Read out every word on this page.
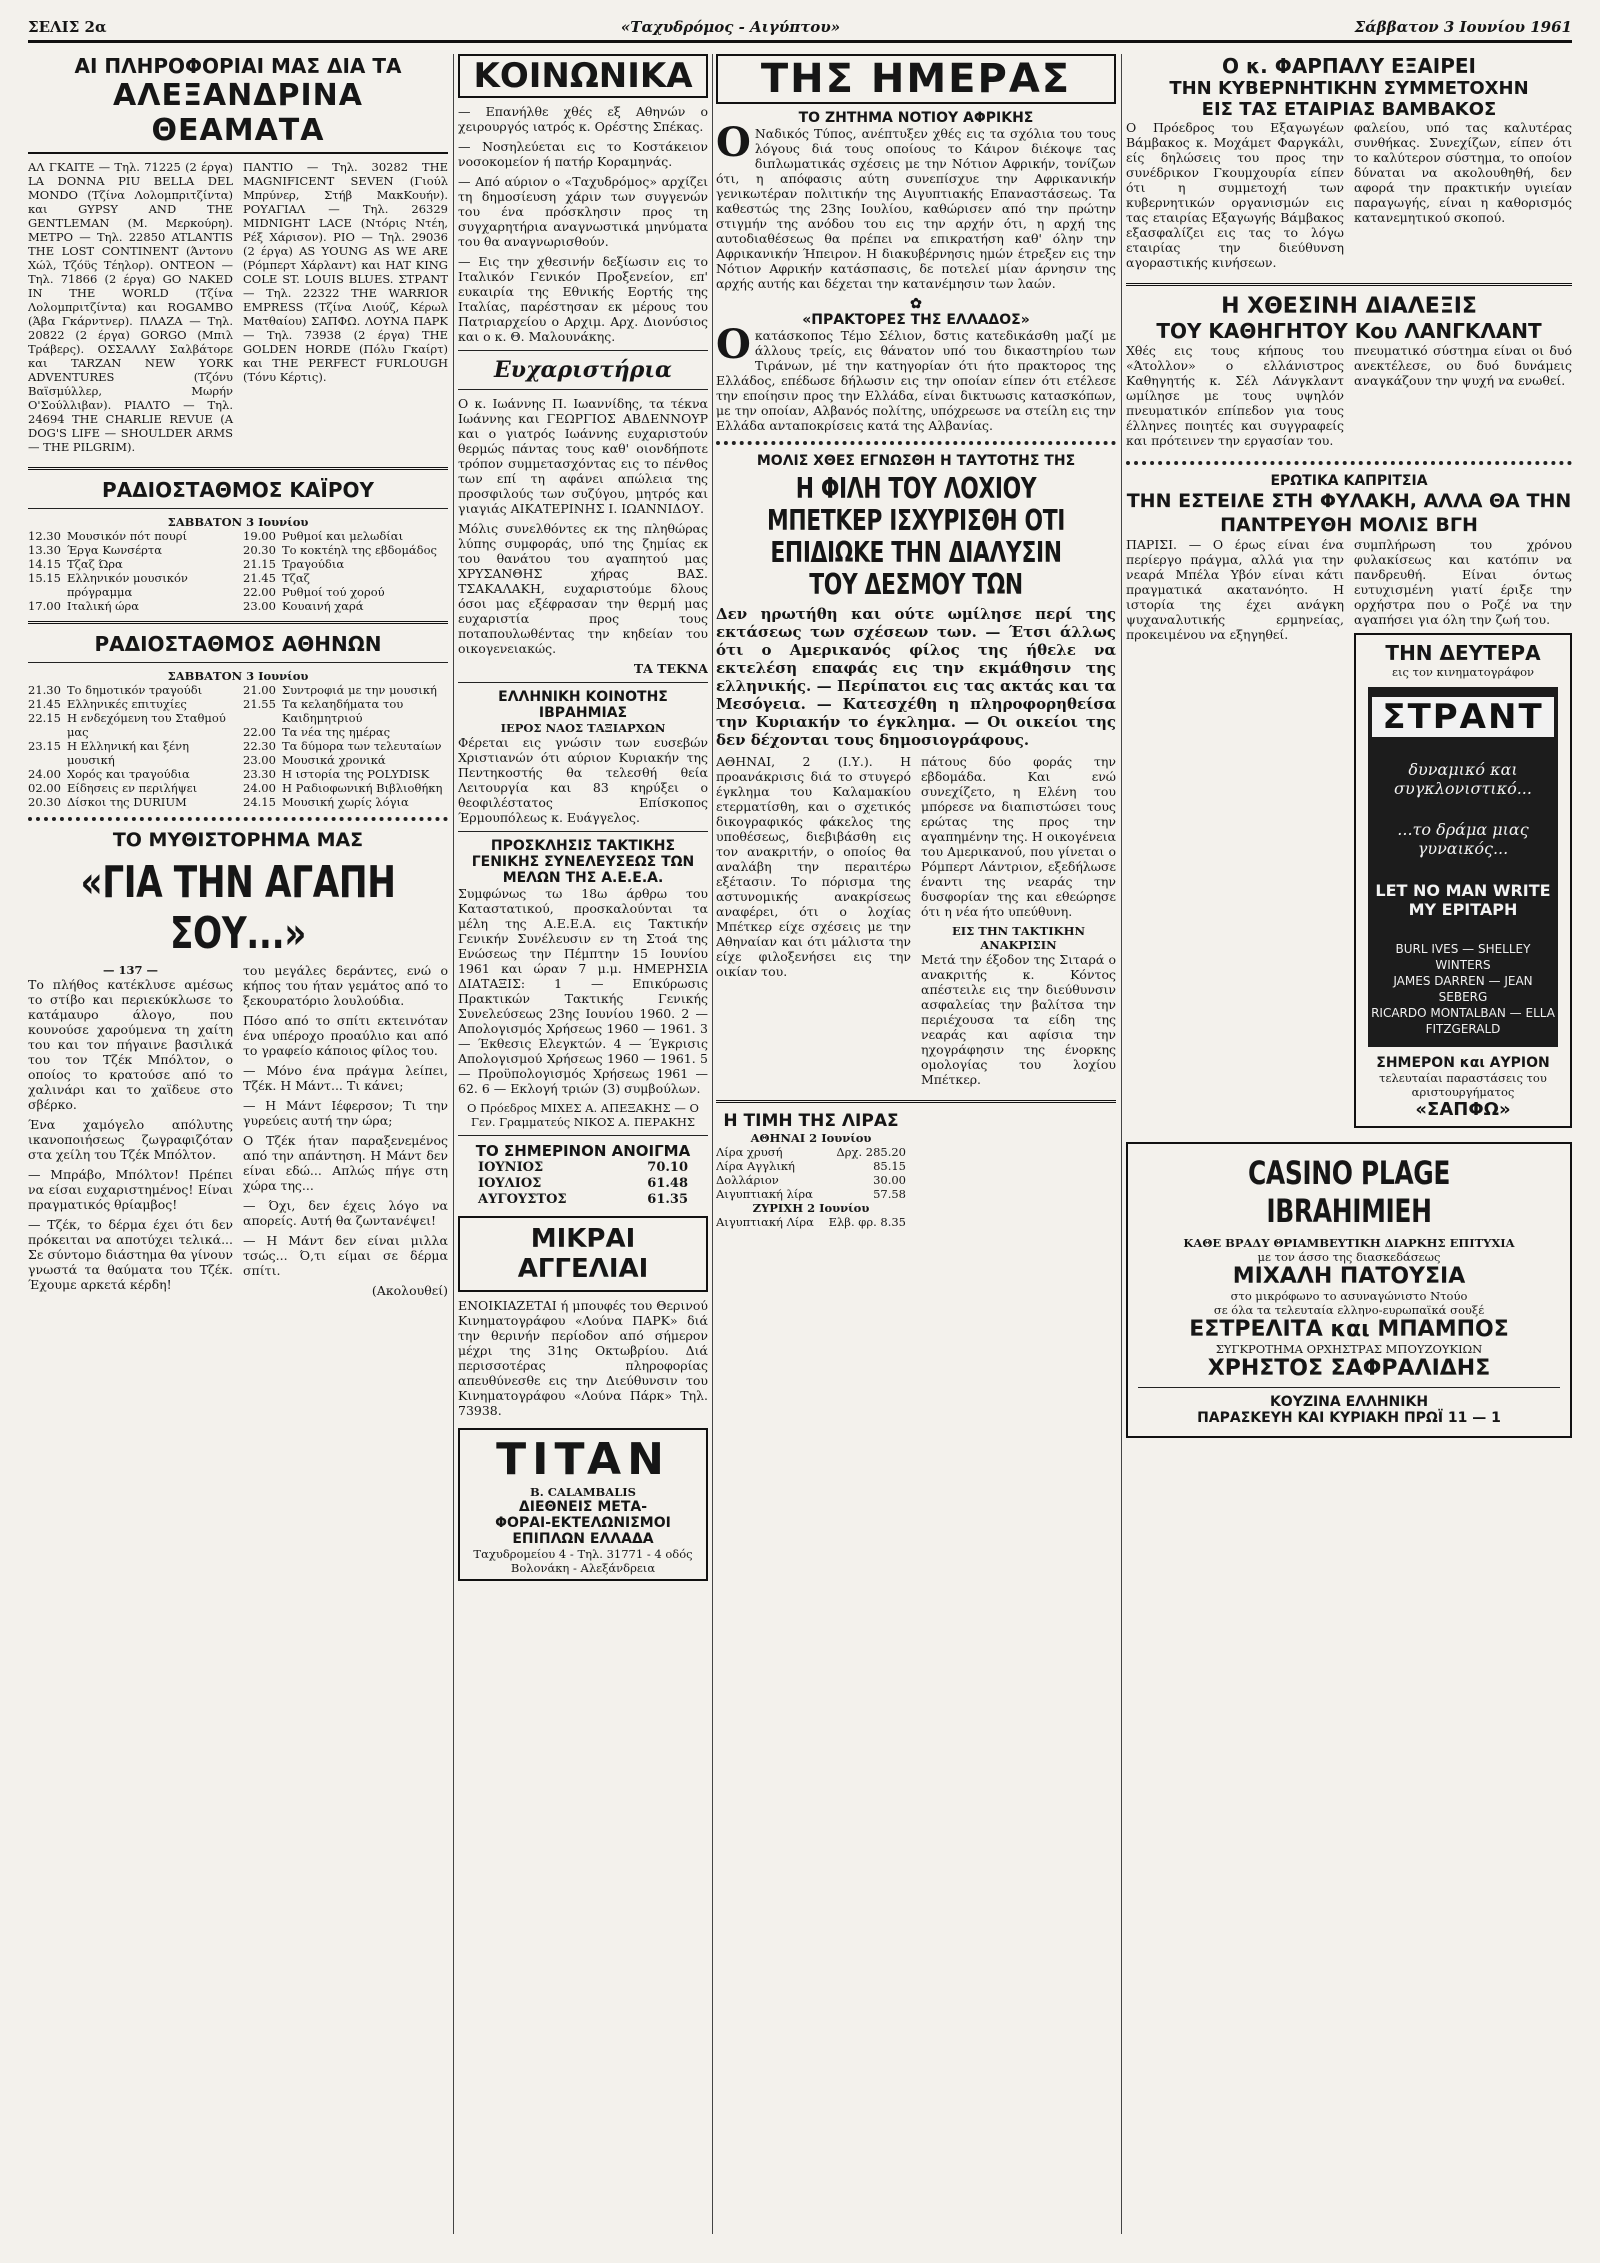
ΣΕΛΙΣ 2α	«Ταχυδρόμος - Αιγύπτου»	Σάββατον 3 Ιουνίου 1961
ΑΙ ΠΛΗΡΟΦΟΡΙΑΙ ΜΑΣ ΔΙΑ ΤΑ
ΑΛΕΞΑΝΔΡΙΝΑ ΘΕΑΜΑΤΑ

ΑΛ ΓΚΑΙΤΕ — Τηλ. 71225 (2 έργα) LA DONNA PIU BELLA DEL MONDO (Τζίνα Λολομπριτζίντα) και GYPSY AND THE GENTLEMAN (Μ. Μερκούρη). ΜΕΤΡΟ — Τηλ. 22850 ATLANTIS THE LOST CONTINENT (Άντονυ Χώλ, Τζόϋς Τέηλορ). ΟΝΤΕΟΝ — Τηλ. 71866 (2 έργα) GO NAKED IN THE WORLD (Τζίνα Λολομπριτζίντα) και ROGAMBO (Άβα Γκάρντνερ). ΠΛΑΖΑ — Τηλ. 20822 (2 έργα) GORGO (Μπιλ Τράβερς). ΟΣΣΑΛΛΥ Σαλβάτορε και TARZAN NEW YORK ADVENTURES (Τζόνυ Βαϊσμύλλερ, Μωρήν Ο'Σούλλιβαν). ΡΙΑΛΤΟ — Τηλ. 24694 THE CHARLIE REVUE (A DOG'S LIFE — SHOULDER ARMS — THE PILGRIM).

ΠΑΝΤΙΟ — Τηλ. 30282 THE MAGNIFICENT SEVEN (Γιούλ Μπρύνερ, Στήβ ΜακΚουήν). ΡΟΥΑΓΙΑΛ — Τηλ. 26329 MIDNIGHT LACE (Ντόρις Ντέη, Ρέξ Χάρισον). ΡΙΟ — Τηλ. 29036 (2 έργα) AS YOUNG AS WE ARE (Ρόμπερτ Χάρλαντ) και HAT KING COLE ST. LOUIS BLUES. ΣΤΡΑΝΤ — Τηλ. 22322 THE WARRIOR EMPRESS (Τζίνα Λιούζ, Κέρωλ Ματθαίου) ΣΑΠΦΩ. ΛΟΥΝΑ ΠΑΡΚ — Τηλ. 73938 (2 έργα) THE GOLDEN HORDE (Πόλυ Γκαίρτ) και THE PERFECT FURLOUGH (Τόνυ Κέρτις).

ΡΑΔΙΟΣΤΑΘΜΟΣ ΚΑΪΡΟΥ
ΣΑΒΒΑΤΟΝ 3 Ιουνίου
12.30 Μουσικόν πότ πουρί
13.30 Έργα Κωνσέρτα
14.15 Τζαζ Ώρα
15.15 Ελληνικόν μουσικόν πρόγραμμα
17.00 Ιταλική ώρα
19.00 Ρυθμοί και μελωδίαι
20.30 Το κοκτέηλ της εβδομάδος
21.15 Τραγούδια
21.45 Τζαζ
22.00 Ρυθμοί τού χορού
23.00 Κουαινή χαρά
ΡΑΔΙΟΣΤΑΘΜΟΣ ΑΘΗΝΩΝ
ΣΑΒΒΑΤΟΝ 3 Ιουνίου
21.30 Το δημοτικόν τραγούδι
21.45 Ελληνικές επιτυχίες
22.15 Η ενδεχόμενη του Σταθμού μας
23.15 Η Ελληνική και ξένη μουσική
24.00 Χορός και τραγούδια
02.00 Είδησεις εν περιλήψει
20.30 Δίσκοι της DURIUM
21.00 Συντροφιά με την μουσική
21.55 Τα κελαηδήματα του Καιδημητριού
22.00 Τα νέα της ημέρας
22.30 Τα δύμορα των τελευταίων
23.00 Μουσικά χρονικά
23.30 Η ιστορία της POLYDISK
24.00 Η Ραδιοφωνική Βιβλιοθήκη
24.15 Μουσική χωρίς λόγια
ΤΟ ΜΥΘΙΣΤΟΡΗΜΑ ΜΑΣ
«ΓΙΑ ΤΗΝ ΑΓΑΠΗ ΣΟΥ...»
— 137 —

Το πλήθος κατέκλυσε αμέσως το στίβο και περιεκύκλωσε το κατάμαυρο άλογο, που κουνούσε χαρούμενα τη χαίτη του και τον πήγαινε βασιλικά του τον Τζέκ Μπόλτον, ο οποίος το κρατούσε από το χαλινάρι και το χαϊδευε στο σβέρκο.

Ένα χαμόγελο απόλυτης ικανοποιήσεως ζωγραφιζόταν στα χείλη του Τζέκ Μπόλτον.

— Μπράβο, Μπόλτον! Πρέπει να είσαι ευχαριστημένος! Είναι πραγματικός θρίαμβος!

— Τζέκ, το δέρμα έχει ότι δεν πρόκειται να αποτύχει τελικά... Σε σύντομο διάστημα θα γίνουν γνωστά τα θαύματα του Τζέκ. Έχουμε αρκετά κέρδη!

του μεγάλες δεράντες, ενώ ο κήπος του ήταν γεμάτος από το ξεκουρατόριο λουλούδια.

Πόσο από το σπίτι εκτεινόταν ένα υπέροχο προαύλιο και από το γραφείο κάποιος φίλος του.

— Μόνο ένα πράγμα λείπει, Τζέκ. Η Μάντ... Τι κάνει;

— Η Μάντ Ιέφερσον; Τι την γυρεύεις αυτή την ώρα;

Ο Τζέκ ήταν παραξενεμένος από την απάντηση. Η Μάντ δεν είναι εδώ... Απλώς πήγε στη χώρα της...

— Όχι, δεν έχεις λόγο να απορείς. Αυτή θα ζωντανέψει!

— Η Μάντ δεν είναι μιλλα τσώς... Ό,τι είμαι σε δέρμα σπίτι.

(Ακολουθεί)

ΚΟΙΝΩΝΙΚΑ

— Επανήλθε χθές εξ Αθηνών ο χειρουργός ιατρός κ. Ορέστης Σπέκας.

— Νοσηλεύεται εις το Κοστάκειον νοσοκομείον ή πατήρ Κοραμηνάς.

— Από αύριον ο «Ταχυδρόμος» αρχίζει τη δημοσίευση χάριν των συγγενών του ένα πρόσκλησιν προς τη συγχαρητήρια αναγνωστικά μηνύματα του θα αναγνωρισθούν.

— Εις την χθεσινήν δεξίωσιν εις το Ιταλικόν Γενικόν Προξενείον, επ' ευκαιρία της Εθνικής Εορτής της Ιταλίας, παρέστησαν εκ μέρους του Πατριαρχείου ο Αρχιμ. Αρχ. Διονύσιος και ο κ. Θ. Μαλουνάκης.

Ευχαριστήρια

Ο κ. Ιωάννης Π. Ιωαννίδης, τα τέκνα Ιωάννης και ΓΕΩΡΓΙΟΣ ΑΒΔΕΝΝΟΥΡ και ο γιατρός Ιωάννης ευχαριστούν θερμώς πάντας τους καθ' οιονδήποτε τρόπον συμμετασχόντας εις το πένθος των επί τη αφάνει απώλεια της προσφιλούς των συζύγου, μητρός και γιαγιάς ΑΙΚΑΤΕΡΙΝΗΣ Ι. ΙΩΑΝΝΙΔΟΥ.

Μόλις συνελθόντες εκ της πληθώρας λύπης συμφοράς, υπό της ζημίας εκ του θανάτου του αγαπητού μας ΧΡΥΣΑΝΘΗΣ χήρας ΒΑΣ. ΤΣΑΚΑΛΑΚΗ, ευχαριστούμε δλους όσοι μας εξέφρασαν την θερμή μας ευχαριστία προς τους ποταπουλωθέντας την κηδείαν του οικογενειακώς.

ΤΑ ΤΕΚΝΑ

ΕΛΛΗΝΙΚΗ ΚΟΙΝΟΤΗΣ ΙΒΡΑΗΜΙΑΣ
ΙΕΡΟΣ ΝΑΟΣ ΤΑΞΙΑΡΧΩΝ

Φέρεται εις γνώσιν των ευσεβών Χριστιανών ότι αύριον Κυριακήν της Πεντηκοστής θα τελεσθή θεία Λειτουργία και 83 κηρύξει ο θεοφιλέστατος Επίσκοπος Έρμουπόλεως κ. Ευάγγελος.

ΠΡΟΣΚΛΗΣΙΣ ΤΑΚΤΙΚΗΣ ΓΕΝΙΚΗΣ ΣΥΝΕΛΕΥΣΕΩΣ ΤΩΝ ΜΕΛΩΝ ΤΗΣ Α.Ε.Ε.Α.

Συμφώνως τω 18ω άρθρω του Καταστατικού, προσκαλούνται τα μέλη της Α.Ε.Ε.Α. εις Τακτικήν Γενικήν Συνέλευσιν εν τη Στοά της Ενώσεως την Πέμπτην 15 Ιουνίου 1961 και ώραν 7 μ.μ. ΗΜΕΡΗΣΙΑ ΔΙΑΤΑΞΙΣ: 1 — Επικύρωσις Πρακτικών Τακτικής Γενικής Συνελεύσεως 23ης Ιουνίου 1960. 2 — Απολογισμός Χρήσεως 1960 — 1961. 3 — Έκθεσις Ελεγκτών. 4 — Έγκρισις Απολογισμού Χρήσεως 1960 — 1961. 5 — Προϋπολογισμός Χρήσεως 1961 — 62. 6 — Εκλογή τριών (3) συμβούλων.

Ο Πρόεδρος ΜΙΧΕΣ Α. ΑΠΕΞΑΚΗΣ — Ο Γεν. Γραμματεύς ΝΙΚΟΣ Α. ΠΕΡΑΚΗΣ

ΤΟ ΣΗΜΕΡΙΝΟΝ ΑΝΟΙΓΜΑ
ΙΟΥΝΙΟΣ	70.10
ΙΟΥΛΙΟΣ	61.48
ΑΥΓΟΥΣΤΟΣ	61.35
ΜΙΚΡΑΙ ΑΓΓΕΛΙΑΙ

ΕΝΟΙΚΙΑΖΕΤΑΙ ή μπουφές του Θερινού Κινηματογράφου «Λούνα ΠΑΡΚ» διά την θερινήν περίοδον από σήμερον μέχρι της 31ης Οκτωβρίου. Διά περισσοτέρας πληροφορίας απευθύνεσθε εις την Διεύθυνσιν του Κινηματογράφου «Λούνα Πάρκ» Τηλ. 73938.

TITAN
B. CALAMBALIS
ΔΙΕΘΝΕΙΣ ΜΕΤΑ-
ΦΟΡΑΙ-ΕΚΤΕΛΩΝΙΣΜΟΙ
ΕΠΙΠΛΩΝ ΕΛΛΑΔΑ
Ταχυδρομείου 4 - Τηλ. 31771 - 4 οδός Βολονάκη - Αλεξάνδρεια
ΤΗΣ ΗΜΕΡΑΣ
ΤΟ ΖΗΤΗΜΑ ΝΟΤΙΟΥ ΑΦΡΙΚΗΣ

ΟΝαδικός Τύπος, ανέπτυξεν χθές εις τα σχόλια του τους λόγους διά τους οποίους το Κάιρον διέκοψε τας διπλωματικάς σχέσεις με την Νότιον Αφρικήν, τονίζων ότι, η απόφασις αύτη συνεπίσχυε την Αφρικανικήν γενικωτέραν πολιτικήν της Αιγυπτιακής Επαναστάσεως. Τα καθεστώς της 23ης Ιουλίου, καθώρισεν από την πρώτην στιγμήν της ανόδου του εις την αρχήν ότι, η αρχή της αυτοδιαθέσεως θα πρέπει να επικρατήση καθ' όλην την Αφρικανικήν Ήπειρον. Η διακυβέρνησις ημών έτρεξεν εις την Νότιον Αφρικήν κατάσπασις, δε ποτελεί μίαν άρνησιν της αρχής αυτής και δέχεται την κατανέμησιν των λαών.

✿
«ΠΡΑΚΤΟΡΕΣ ΤΗΣ ΕΛΛΑΔΟΣ»

Οκατάσκοπος Τέμο Σέλιον, δστις κατεδικάσθη μαζί με άλλους τρείς, εις θάνατον υπό του δικαστηρίου των Τιράνων, μέ την κατηγορίαν ότι ήτο πρακτορος της Ελλάδος, επέδωσε δήλωσιν εις την οποίαν είπεν ότι ετέλεσε την εποίησιν προς την Ελλάδα, είναι δικτυωσις κατασκόπων, με την οποίαν, Αλβανός πολίτης, υπόχρεωσε να στείλη εις την Ελλάδα ανταποκρίσεις κατά της Αλβανίας.

ΜΟΛΙΣ ΧΘΕΣ ΕΓΝΩΣΘΗ Η ΤΑΥΤΟΤΗΣ ΤΗΣ
Η ΦΙΛΗ ΤΟΥ ΛΟΧΙΟΥ ΜΠΕΤΚΕΡ ΙΣΧΥΡΙΣΘΗ ΟΤΙ ΕΠΙΔΙΩΚΕ ΤΗΝ ΔΙΑΛΥΣΙΝ ΤΟΥ ΔΕΣΜΟΥ ΤΩΝ

Δεν ηρωτήθη και ούτε ωμίλησε περί της εκτάσεως των σχέσεων των. — Έτσι άλλως ότι ο Αμερικανός φίλος της ήθελε να εκτελέση επαφάς εις την εκμάθησιν της ελληνικής. — Περίπατοι εις τας ακτάς και τα Μεσόγεια. — Κατεσχέθη η πληροφορηθείσα την Κυριακήν το έγκλημα. — Οι οικείοι της δεν δέχονται τους δημοσιογράφους.

ΑΘΗΝΑΙ, 2 (Ι.Υ.). Η προανάκρισις διά το στυγερό έγκλημα του Καλαμακίου ετερματίσθη, και ο σχετικός δικογραφικός φάκελος της υποθέσεως, διεβιβάσθη εις τον ανακριτήν, ο οποίος θα αναλάβη την περαιτέρω εξέτασιν. Το πόρισμα της αστυνομικής ανακρίσεως αναφέρει, ότι ο λοχίας Μπέτκερ είχε σχέσεις με την Αθηναίαν και ότι μάλιστα την είχε φιλοξενήσει εις την οικίαν του.

πάτους δύο φοράς την εβδομάδα. Και ενώ συνεχίζετο, η Ελένη του μπόρεσε να διαπιστώσει τους ερώτας της προς την αγαπημένην της. Η οικογένεια του Αμερικανού, που γίνεται ο Ρόμπερτ Λάντριον, εξεδήλωσε έναντι της νεαράς την δυσφορίαν της και εθεώρησε ότι η νέα ήτο υπεύθυνη.

ΕΙΣ ΤΗΝ ΤΑΚΤΙΚΗΝ ΑΝΑΚΡΙΣΙΝ

Μετά την έξοδον της Σιταρά ο ανακριτής κ. Κόντος απέστειλε εις την διεύθυνσιν ασφαλείας την βαλίτσα την περιέχουσα τα είδη της νεαράς και αφίσια την ηχογράφησιν της ένορκης ομολογίας του λοχίου Μπέτκερ.

Η ΤΙΜΗ ΤΗΣ ΛΙΡΑΣ
ΑΘΗΝΑΙ 2 Ιουνίου
Λίρα χρυσή	Δρχ. 285.20
Λίρα Αγγλική	85.15
Δολλάριον	30.00
Αιγυπτιακή λίρα	57.58
ΖΥΡΙΧΗ 2 Ιουνίου
Αιγυπτιακή Λίρα Ελβ. φρ. 8.35
Ο κ. ΦΑΡΠΑΛΥ ΕΞΑΙΡΕΙ
ΤΗΝ ΚΥΒΕΡΝΗΤΙΚΗΝ ΣΥΜΜΕΤΟΧΗΝ
ΕΙΣ ΤΑΣ ΕΤΑΙΡΙΑΣ ΒΑΜΒΑΚΟΣ

Ο Πρόεδρος του Εξαγωγέων Βάμβακος κ. Μοχάμετ Φαργκάλι, είς δηλώσεις του προς την συνέδρικον Γκουμχουρία είπεν ότι η συμμετοχή των κυβερνητικών οργανισμών εις τας εταιρίας Εξαγωγής Βάμβακος εξασφαλίζει εις τας το λόγω εταιρίας την διεύθυνση αγοραστικής κινήσεων.

φαλείου, υπό τας καλυτέρας συνθήκας. Συνεχίζων, είπεν ότι το καλύτερον σύστημα, το οποίον δύναται να ακολουθηθή, δεν αφορά την πρακτικήν υγιείαν παραγωγής, είναι η καθορισμός κατανεμητικού σκοπού.

Η ΧΘΕΣΙΝΗ ΔΙΑΛΕΞΙΣ
ΤΟΥ ΚΑΘΗΓΗΤΟΥ Κου ΛΑΝΓΚΛΑΝΤ

Χθές εις τους κήπους του «Άτολλον» ο ελλάνιστρος Καθηγητής κ. Σέλ Λάνγκλαντ ωμίλησε με τους υψηλόν πνευματικόν επίπεδον για τους έλληνες ποιητές και συγγραφείς και πρότεινεν την εργασίαν του.

πνευματικό σύστημα είναι οι δυό ανεκτέλεσε, ου δυό δυνάμεις αναγκάζουν την ψυχή να ενωθεί.

ΕΡΩΤΙΚΑ ΚΑΠΡΙΤΣΙΑ
ΤΗΝ ΕΣΤΕΙΛΕ ΣΤΗ ΦΥΛΑΚΗ, ΑΛΛΑ ΘΑ ΤΗΝ ΠΑΝΤΡΕΥΘΗ ΜΟΛΙΣ ΒΓΗ

ΠΑΡΙΣΙ. — Ο έρως είναι ένα περίεργο πράγμα, αλλά για την νεαρά Μπέλα Υβόν είναι κάτι πραγματικά ακατανόητο. Η ιστορία της έχει ανάγκη ψυχαναλυτικής ερμηνείας, προκειμένου να εξηγηθεί.

συμπλήρωση του χρόνου φυλακίσεως και κατόπιν να πανδρευθή. Είναι όντως ευτυχισμένη γιατί έριξε την ορχήστρα που ο Ροζέ να την αγαπήσει για όλη την ζωή του.

ΤΗΝ ΔΕΥΤΕΡΑ
εις τον κινηματογράφον
ΣΤΡΑΝΤ
δυναμικό και συγκλονιστικό...
...το δράμα μιας γυναικός...
LET NO MAN WRITE MY EPITAPH
BURL IVES — SHELLEY WINTERS
JAMES DARREN — JEAN SEBERG
RICARDO MONTALBAN — ELLA FITZGERALD
ΣΗΜΕΡΟΝ και ΑΥΡΙΟΝ
τελευταίαι παραστάσεις του αριστουργήματος
«ΣΑΠΦΩ»
CASINO PLAGE IBRAHIMIEH
ΚΑΘΕ ΒΡΑΔΥ ΘΡΙΑΜΒΕΥΤΙΚΗ ΔΙΑΡΚΗΣ ΕΠΙΤΥΧΙΑ
με τον άσσο της διασκεδάσεως
ΜΙΧΑΛΗ ΠΑΤΟΥΣΙΑ
στο μικρόφωνο το ασυναγώνιστο Ντούο
σε όλα τα τελευταία ελληνο-ευρωπαϊκά σουξέ
ΕΣΤΡΕΛΙΤΑ και ΜΠΑΜΠΟΣ
ΣΥΓΚΡΟΤΗΜΑ ΟΡΧΗΣΤΡΑΣ ΜΠΟΥΖΟΥΚΙΩΝ
ΧΡΗΣΤΟΣ ΣΑΦΡΑΛΙΔΗΣ
ΚΟΥΖΙΝΑ ΕΛΛΗΝΙΚΗ
ΠΑΡΑΣΚΕΥΗ ΚΑΙ ΚΥΡΙΑΚΗ ΠΡΩΪ 11 — 1
